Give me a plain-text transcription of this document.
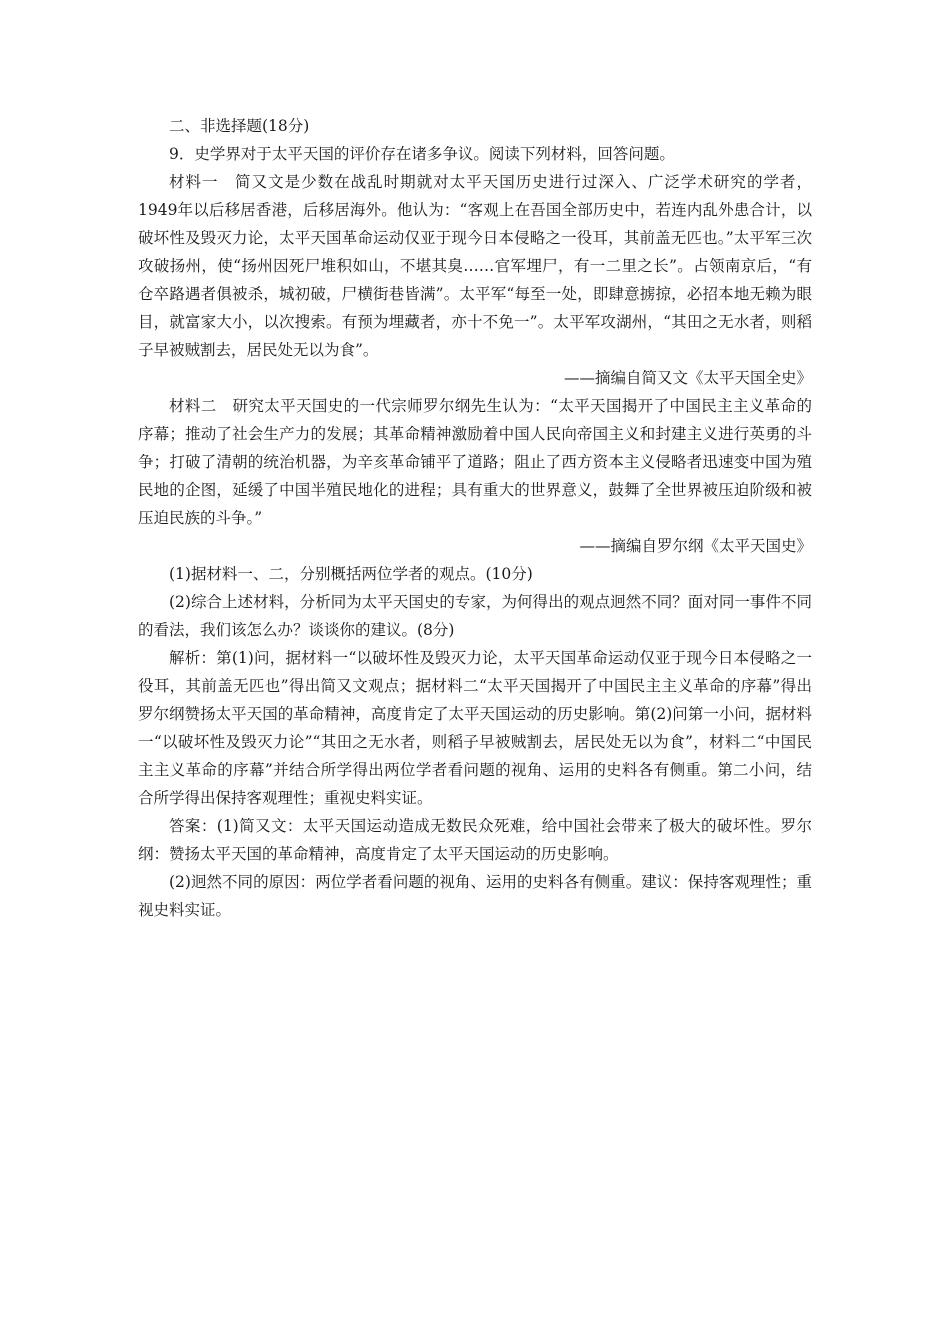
二、非选择题(18分)

9．史学界对于太平天国的评价存在诸多争议。阅读下列材料，回答问题。

材料一　简又文是少数在战乱时期就对太平天国历史进行过深入、广泛学术研究的学者，1949年以后移居香港，后移居海外。他认为：“客观上在吾国全部历史中，若连内乱外患合计，以破坏性及毁灭力论，太平天国革命运动仅亚于现今日本侵略之一役耳，其前盖无匹也。”太平军三次攻破扬州，使“扬州因死尸堆积如山，不堪其臭……官军埋尸，有一二里之长”。占领南京后，“有仓卒路遇者俱被杀，城初破，尸横街巷皆满”。太平军“每至一处，即肆意掳掠，必招本地无赖为眼目，就富家大小，以次搜索。有预为埋藏者，亦十不免一”。太平军攻湖州，“其田之无水者，则稻子早被贼割去，居民处无以为食”。

——摘编自简又文《太平天国全史》

材料二　研究太平天国史的一代宗师罗尔纲先生认为：“太平天国揭开了中国民主主义革命的序幕；推动了社会生产力的发展；其革命精神激励着中国人民向帝国主义和封建主义进行英勇的斗争；打破了清朝的统治机器，为辛亥革命铺平了道路；阻止了西方资本主义侵略者迅速变中国为殖民地的企图，延缓了中国半殖民地化的进程；具有重大的世界意义，鼓舞了全世界被压迫阶级和被压迫民族的斗争。”

——摘编自罗尔纲《太平天国史》

(1)据材料一、二，分别概括两位学者的观点。(10分)

(2)综合上述材料，分析同为太平天国史的专家，为何得出的观点迥然不同？面对同一事件不同的看法，我们该怎么办？谈谈你的建议。(8分)

解析：第(1)问，据材料一“以破坏性及毁灭力论，太平天国革命运动仅亚于现今日本侵略之一役耳，其前盖无匹也”得出简又文观点；据材料二“太平天国揭开了中国民主主义革命的序幕”得出罗尔纲赞扬太平天国的革命精神，高度肯定了太平天国运动的历史影响。第(2)问第一小问，据材料一“以破坏性及毁灭力论”“其田之无水者，则稻子早被贼割去，居民处无以为食”，材料二“中国民主主义革命的序幕”并结合所学得出两位学者看问题的视角、运用的史料各有侧重。第二小问，结合所学得出保持客观理性；重视史料实证。

答案：(1)简又文：太平天国运动造成无数民众死难，给中国社会带来了极大的破坏性。罗尔纲：赞扬太平天国的革命精神，高度肯定了太平天国运动的历史影响。

(2)迥然不同的原因：两位学者看问题的视角、运用的史料各有侧重。建议：保持客观理性；重视史料实证。
